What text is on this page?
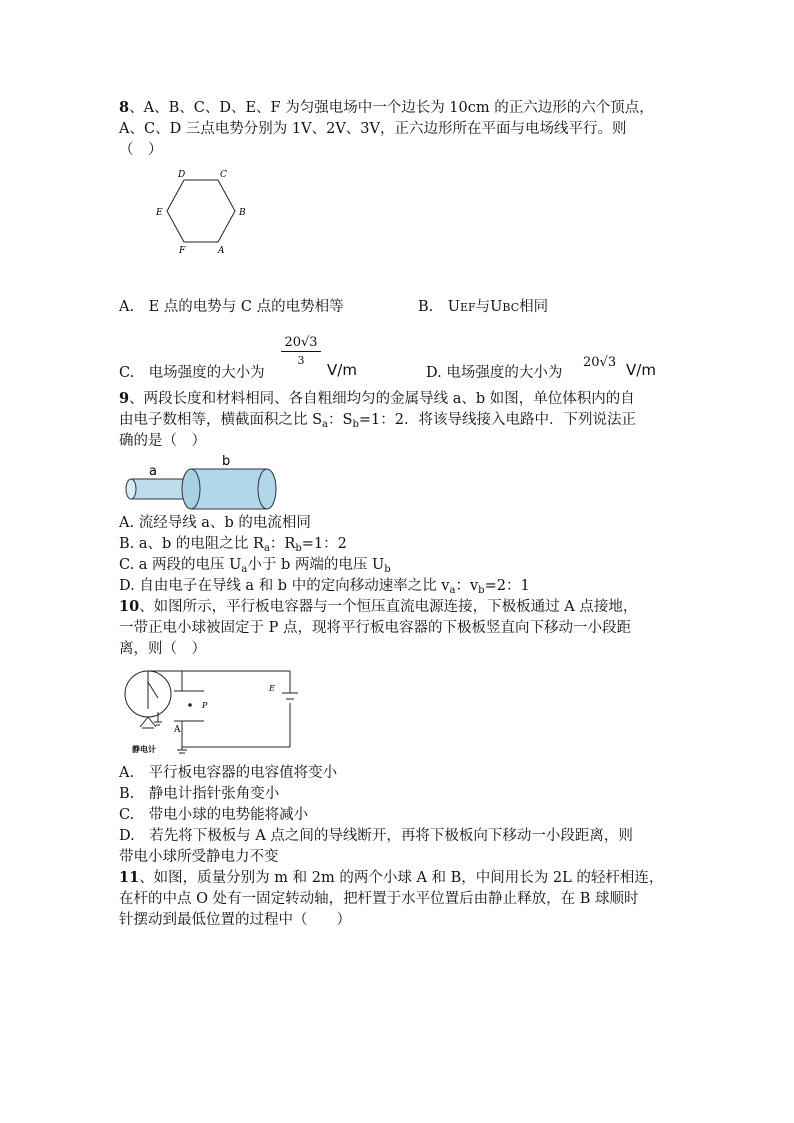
8、A、B、C、D、E、F 为匀强电场中一个边长为 10cm 的正六边形的六个顶点，
A、C、D 三点电势分别为 1V、2V、3V，正六边形所在平面与电场线平行。则
（　）
D	C
E	B
F	A
A.　E 点的电势与 C 点的电势相等	B.　UEF与UBC相同
C.　电场强度的大小为
20√3
3
V/m	D. 电场强度的大小为
20√3 V/m
9、两段长度和材料相同、各自粗细均匀的金属导线 a、b 如图，单位体积内的自
由电子数相等，横截面积之比 $S_a$：$S_b=1$：2．将该导线接入电路中．下列说法正
确的是（　）
a
b
A. 流经导线 a、b 的电流相同
B. a、b 的电阻之比 $R_a$：$R_b=1$：2
C. a 两段的电压 $U_a$小于 b 两端的电压 $U_b$
D. 自由电子在导线 a 和 b 中的定向移动速率之比 $v_a$：$v_b=2$：1
10、如图所示，平行板电容器与一个恒压直流电源连接，下极板通过 A 点接地，
一带正电小球被固定于 P 点，现将平行板电容器的下极板竖直向下移动一小段距
离，则（　）
P
E
A
静电计
A.　平行板电容器的电容值将变小
B.　静电计指针张角变小
C.　带电小球的电势能将减小
D.　若先将下极板与 A 点之间的导线断开，再将下极板向下移动一小段距离，则
带电小球所受静电力不变
11、如图，质量分别为 m 和 2m 的两个小球 A 和 B，中间用长为 2L 的轻杆相连，
在杆的中点 O 处有一固定转动轴，把杆置于水平位置后由静止释放，在 B 球顺时
针摆动到最低位置的过程中（　　）
